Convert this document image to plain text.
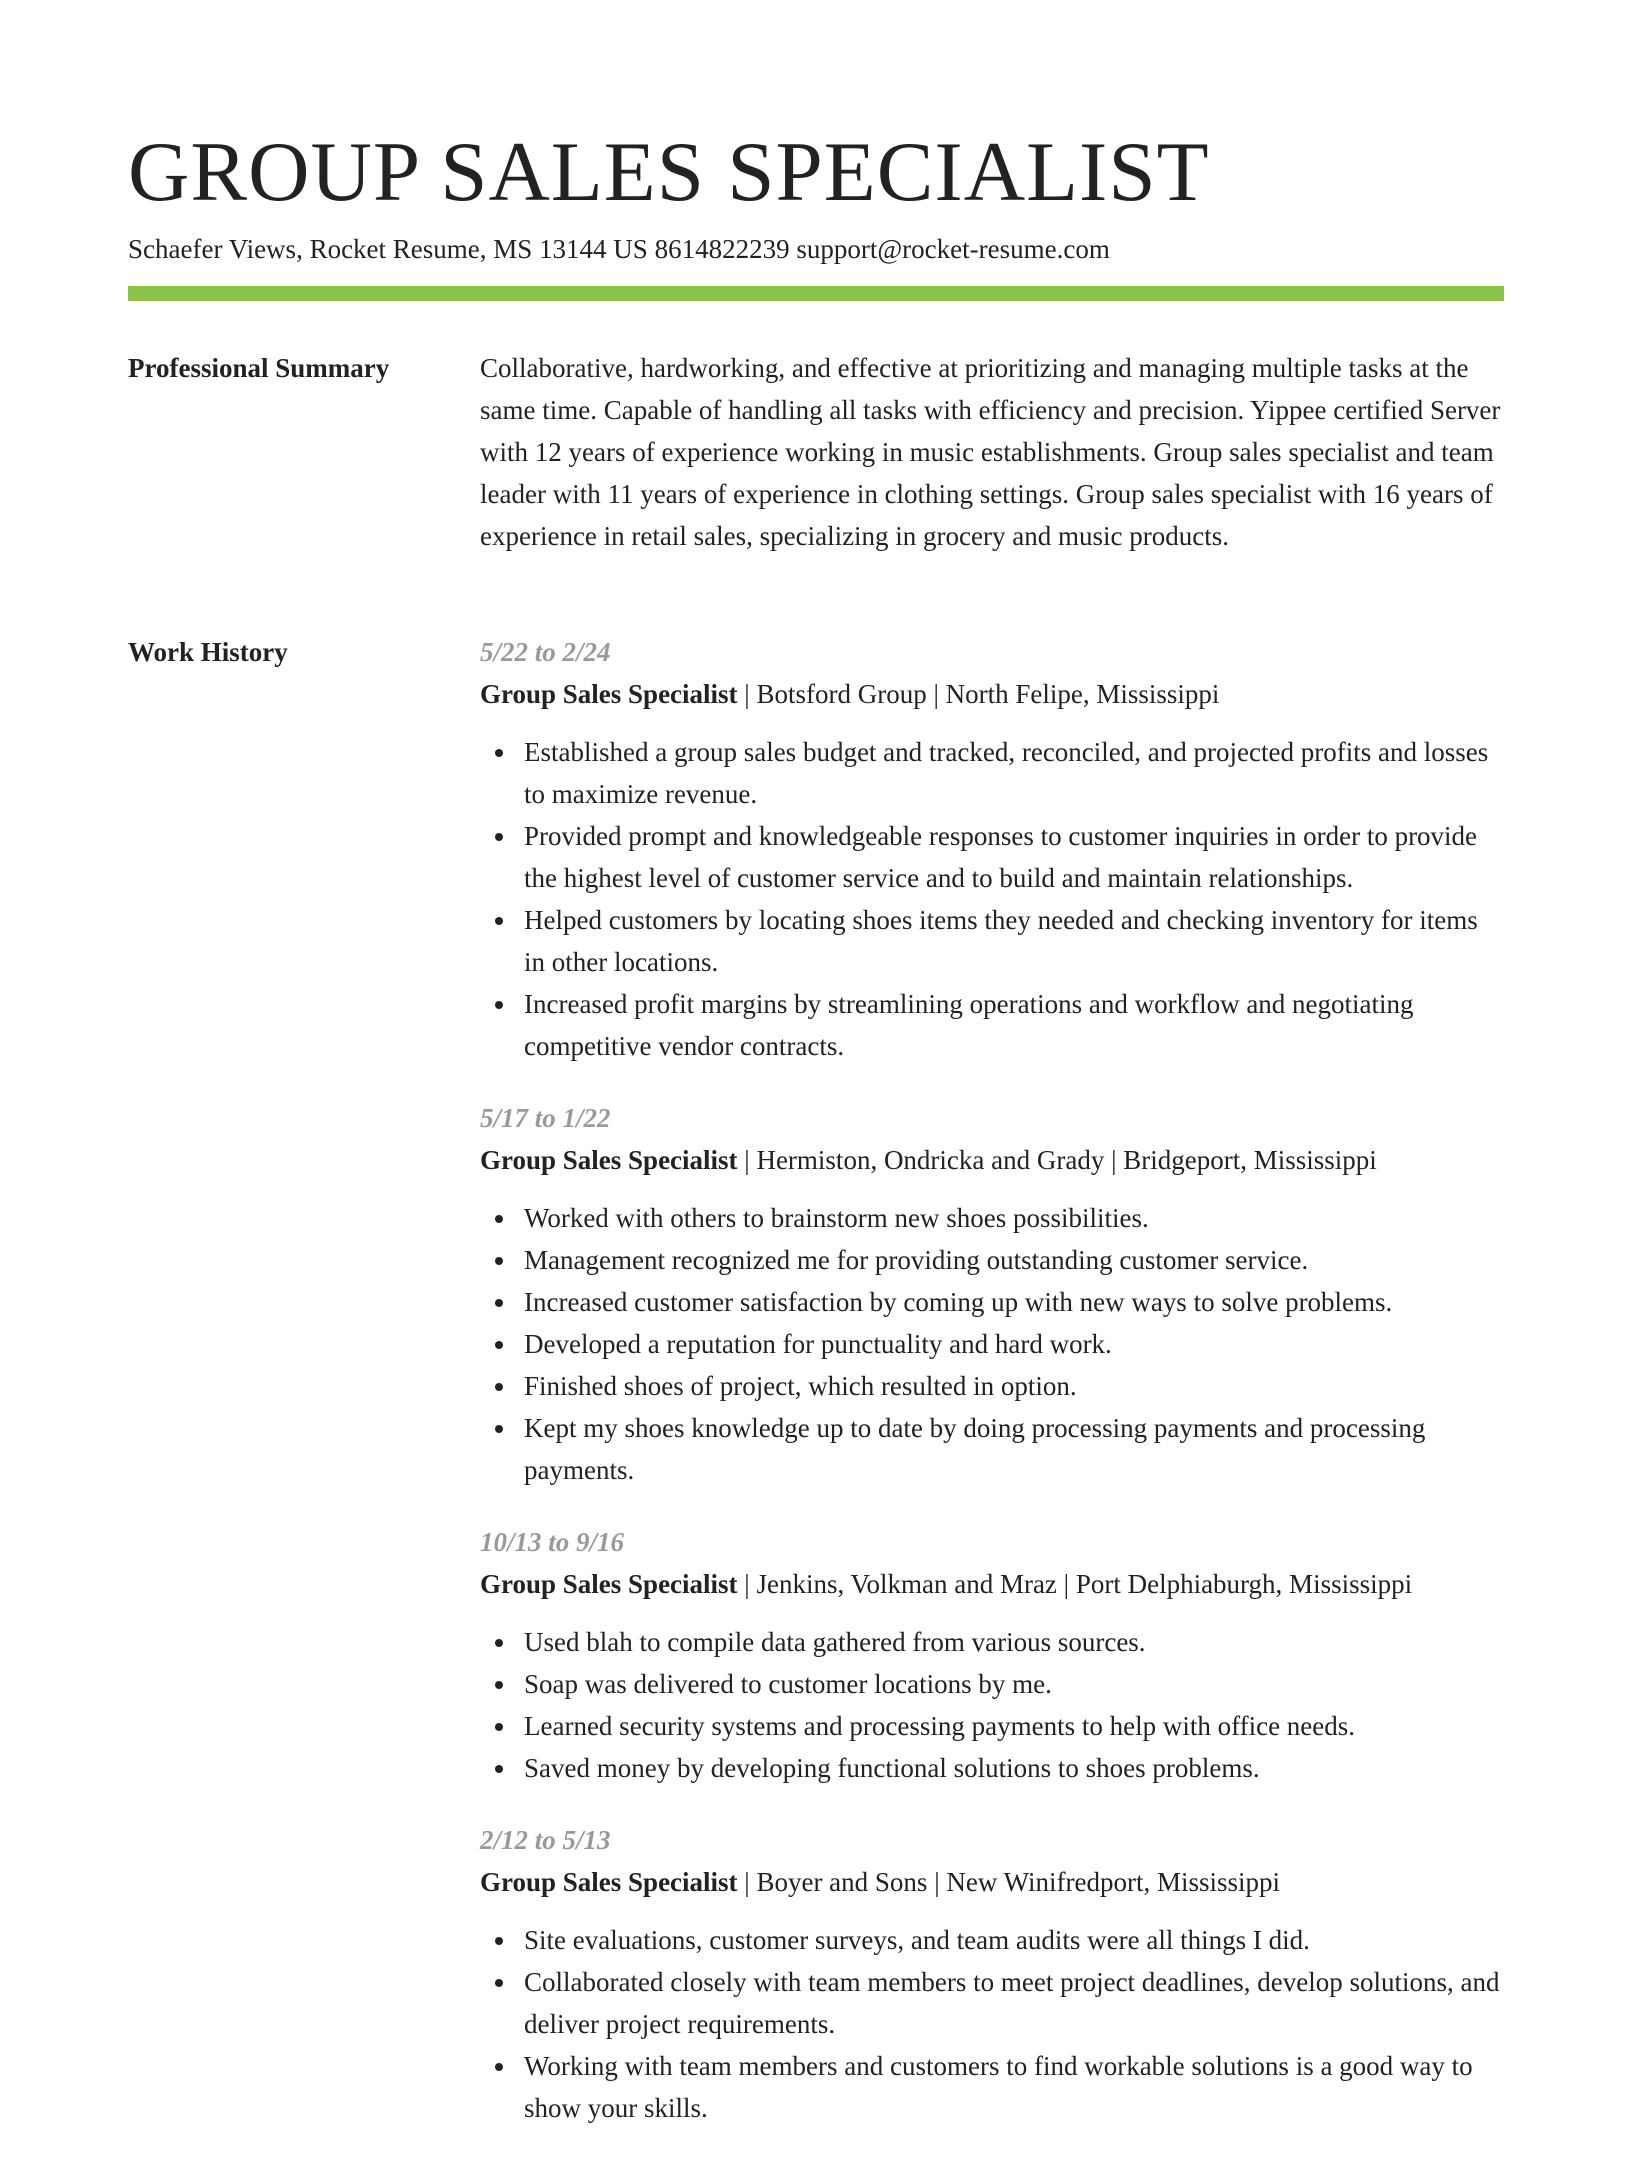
GROUP SALES SPECIALIST
Schaefer Views, Rocket Resume, MS 13144 US 8614822239 support@rocket-resume.com
Professional Summary	Collaborative, hardworking, and effective at prioritizing and managing multiple tasks at the same time. Capable of handling all tasks with efficiency and precision. Yippee certified Server with 12 years of experience working in music establishments. Group sales specialist and team leader with 11 years of experience in clothing settings. Group sales specialist with 16 years of experience in retail sales, specializing in grocery and music products.

Work History	5/22 to 2/24
Group Sales Specialist | Botsford Group | North Felipe, Mississippi
Established a group sales budget and tracked, reconciled, and projected profits and losses to maximize revenue.
Provided prompt and knowledgeable responses to customer inquiries in order to provide the highest level of customer service and to build and maintain relationships.
Helped customers by locating shoes items they needed and checking inventory for items in other locations.
Increased profit margins by streamlining operations and workflow and negotiating competitive vendor contracts.
5/17 to 1/22
Group Sales Specialist | Hermiston, Ondricka and Grady | Bridgeport, Mississippi
Worked with others to brainstorm new shoes possibilities.
Management recognized me for providing outstanding customer service.
Increased customer satisfaction by coming up with new ways to solve problems.
Developed a reputation for punctuality and hard work.
Finished shoes of project, which resulted in option.
Kept my shoes knowledge up to date by doing processing payments and processing payments.
10/13 to 9/16
Group Sales Specialist | Jenkins, Volkman and Mraz | Port Delphiaburgh, Mississippi
Used blah to compile data gathered from various sources.
Soap was delivered to customer locations by me.
Learned security systems and processing payments to help with office needs.
Saved money by developing functional solutions to shoes problems.
2/12 to 5/13
Group Sales Specialist | Boyer and Sons | New Winifredport, Mississippi
Site evaluations, customer surveys, and team audits were all things I did.
Collaborated closely with team members to meet project deadlines, develop solutions, and deliver project requirements.
Working with team members and customers to find workable solutions is a good way to show your skills.
